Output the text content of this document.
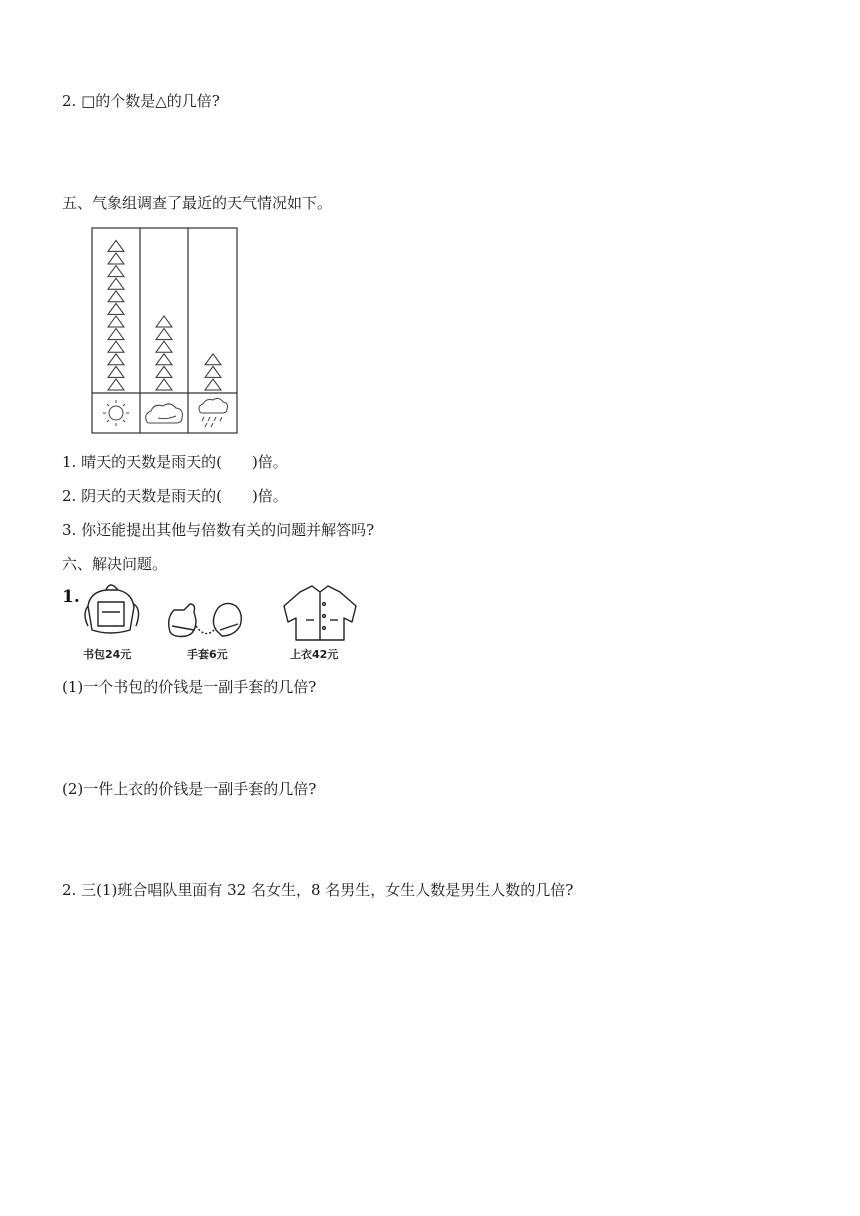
2. □的个数是△的几倍?
五、气象组调查了最近的天气情况如下。
1. 晴天的天数是雨天的( )倍。
2. 阴天的天数是雨天的( )倍。
3. 你还能提出其他与倍数有关的问题并解答吗?
六、解决问题。
1.
书包24元	手套6元	上衣42元
(1)一个书包的价钱是一副手套的几倍?
(2)一件上衣的价钱是一副手套的几倍?
2. 三(1)班合唱队里面有 32 名女生，8 名男生，女生人数是男生人数的几倍?
